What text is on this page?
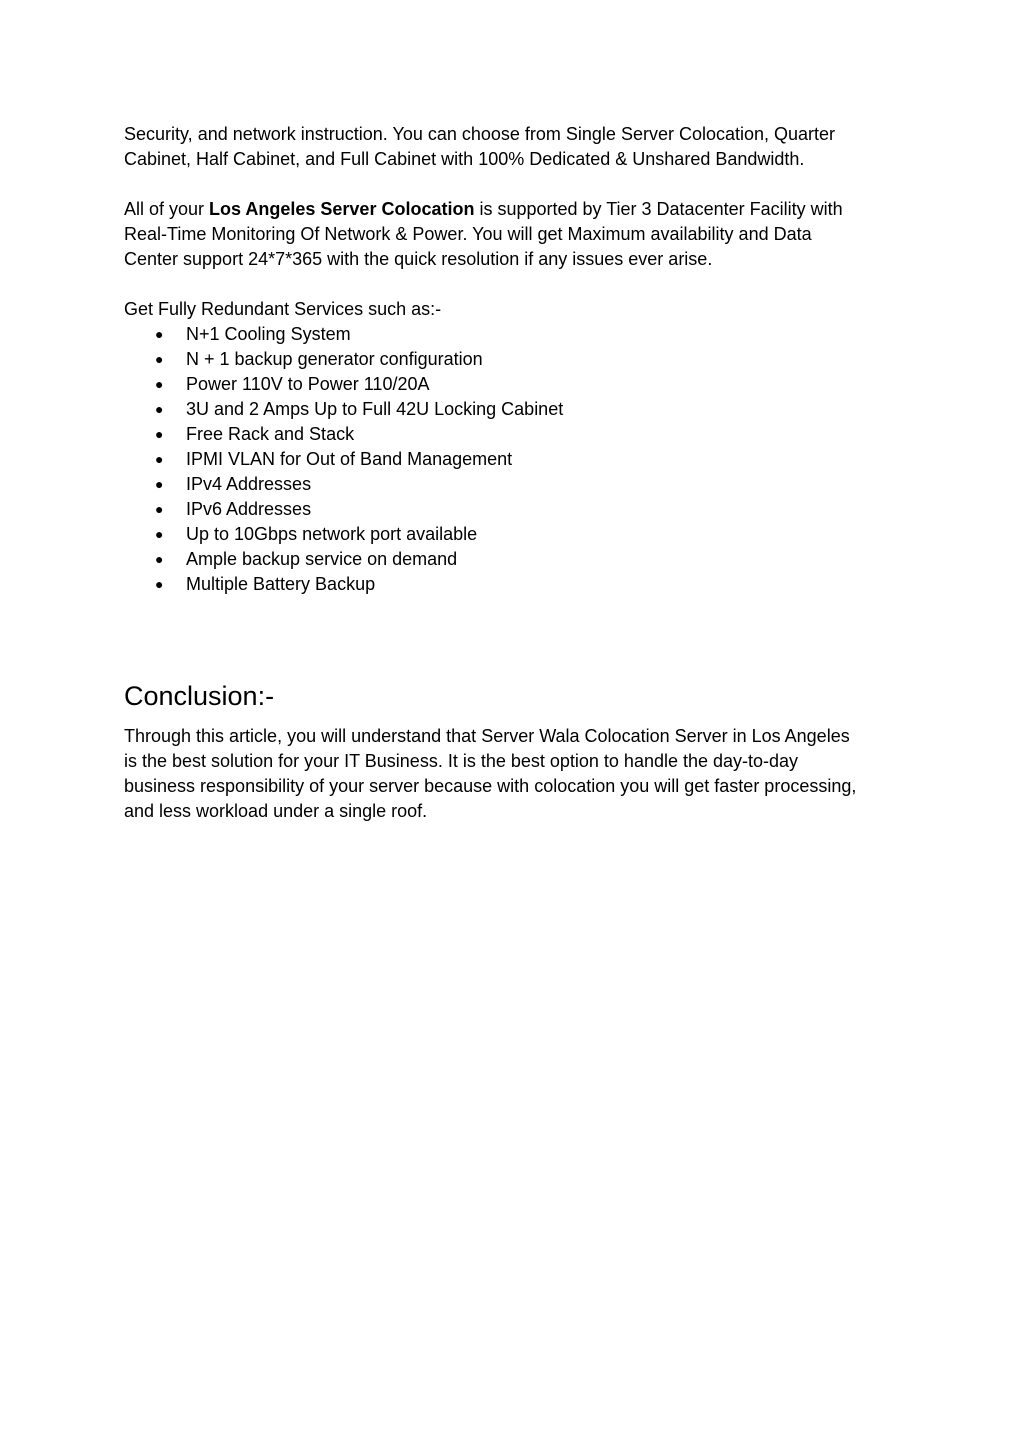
Security, and network instruction. You can choose from Single Server Colocation, Quarter
Cabinet, Half Cabinet, and Full Cabinet with 100% Dedicated & Unshared Bandwidth.

All of your Los Angeles Server Colocation is supported by Tier 3 Datacenter Facility with
Real-Time Monitoring Of Network & Power. You will get Maximum availability and Data
Center support 24*7*365 with the quick resolution if any issues ever arise.

Get Fully Redundant Services such as:-

● N+1 Cooling System
● N + 1 backup generator configuration
● Power 110V to Power 110/20A
● 3U and 2 Amps Up to Full 42U Locking Cabinet
● Free Rack and Stack
● IPMI VLAN for Out of Band Management
● IPv4 Addresses
● IPv6 Addresses
● Up to 10Gbps network port available
● Ample backup service on demand
● Multiple Battery Backup
Conclusion:-

Through this article, you will understand that Server Wala Colocation Server in Los Angeles
is the best solution for your IT Business. It is the best option to handle the day-to-day
business responsibility of your server because with colocation you will get faster processing,
and less workload under a single roof.
